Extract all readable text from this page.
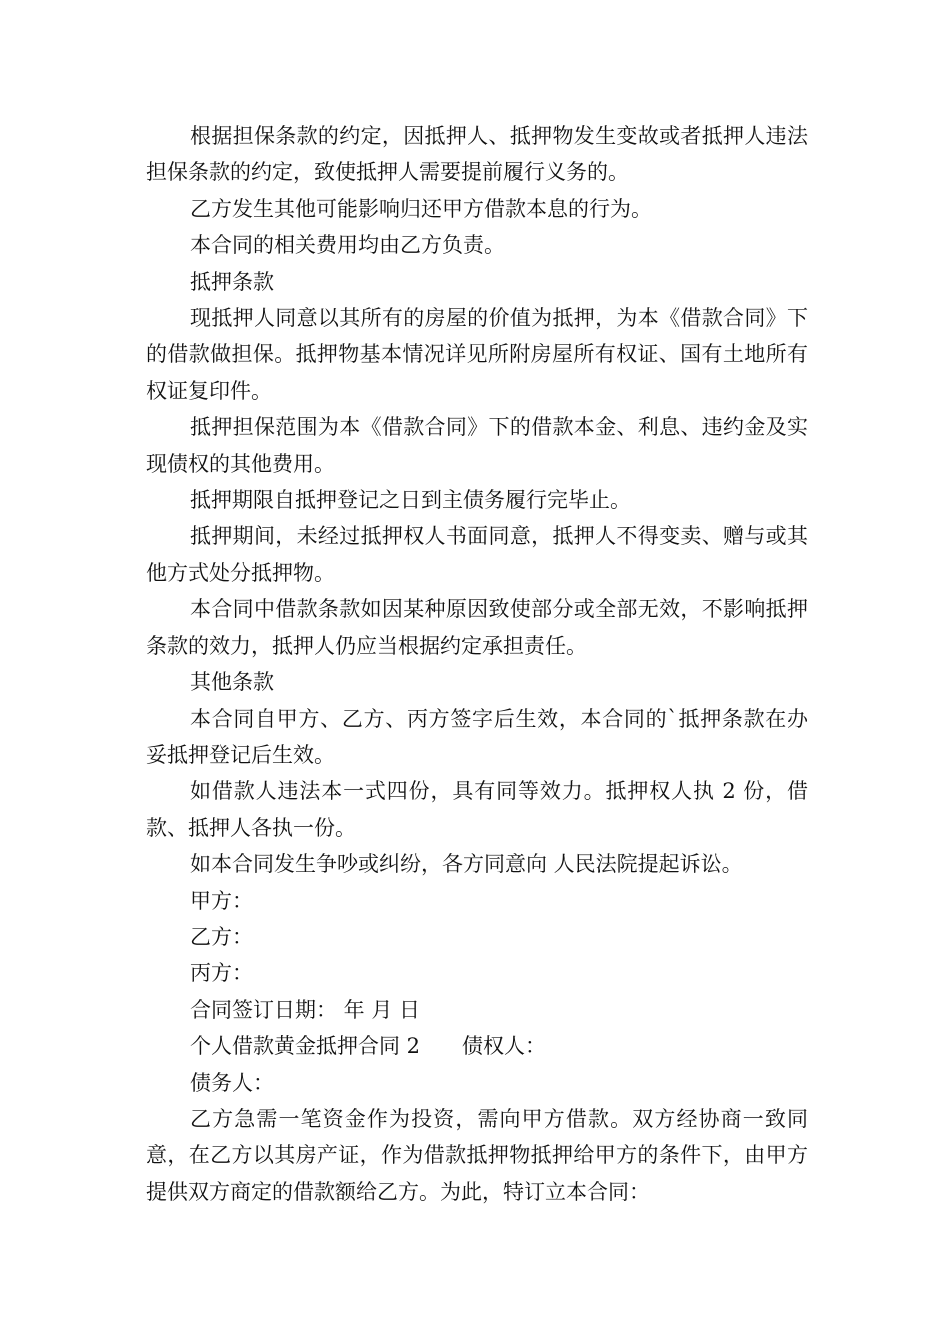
根据担保条款的约定，因抵押人、抵押物发生变故或者抵押人违法担保条款的约定，致使抵押人需要提前履行义务的。

乙方发生其他可能影响归还甲方借款本息的行为。

本合同的相关费用均由乙方负责。

抵押条款

现抵押人同意以其所有的房屋的价值为抵押，为本《借款合同》下的借款做担保。抵押物基本情况详见所附房屋所有权证、国有土地所有权证复印件。

抵押担保范围为本《借款合同》下的借款本金、利息、违约金及实现债权的其他费用。

抵押期限自抵押登记之日到主债务履行完毕止。

抵押期间，未经过抵押权人书面同意，抵押人不得变卖、赠与或其他方式处分抵押物。

本合同中借款条款如因某种原因致使部分或全部无效，不影响抵押条款的效力，抵押人仍应当根据约定承担责任。

其他条款

本合同自甲方、乙方、丙方签字后生效，本合同的`抵押条款在办妥抵押登记后生效。

如借款人违法本一式四份，具有同等效力。抵押权人执 2 份，借款、抵押人各执一份。

如本合同发生争吵或纠纷，各方同意向 人民法院提起诉讼。

甲方：

乙方：

丙方：

合同签订日期： 年 月 日

个人借款黄金抵押合同 2　　债权人：

债务人：

乙方急需一笔资金作为投资，需向甲方借款。双方经协商一致同意，在乙方以其房产证，作为借款抵押物抵押给甲方的条件下，由甲方提供双方商定的借款额给乙方。为此，特订立本合同：
